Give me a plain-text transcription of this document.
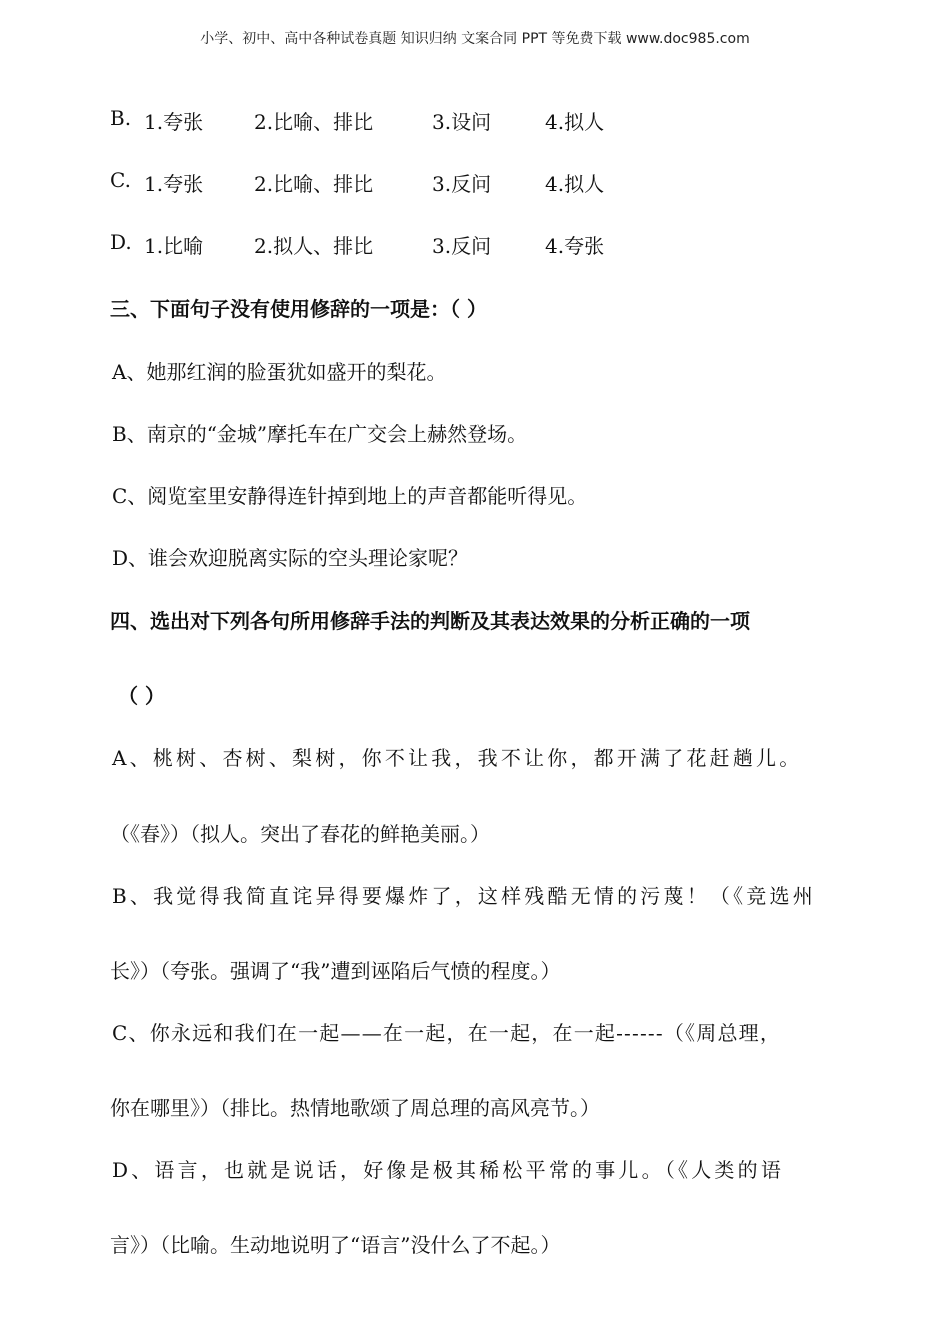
小学、初中、高中各种试卷真题 知识归纳 文案合同 PPT 等免费下载 www.doc985.com
B. 1.夸张	2.比喻、排比	3.设问	4.拟人
C. 1.夸张	2.比喻、排比	3.反问	4.拟人
D. 1.比喻	2.拟人、排比	3.反问	4.夸张
三、下面句子没有使用修辞的一项是：（ ）
A、她那红润的脸蛋犹如盛开的梨花。
B、南京的“金城”摩托车在广交会上赫然登场。
C、阅览室里安静得连针掉到地上的声音都能听得见。
D、谁会欢迎脱离实际的空头理论家呢？
四、选出对下列各句所用修辞手法的判断及其表达效果的分析正确的一项
（ ）
A、桃树、杏树、梨树，你不让我，我不让你，都开满了花赶趟儿。
（《春》）（拟人。突出了春花的鲜艳美丽。）
B、我觉得我简直诧异得要爆炸了，这样残酷无情的污蔑！（《竞选州
长》）（夸张。强调了“我”遭到诬陷后气愤的程度。）
C、你永远和我们在一起——在一起，在一起，在一起------（《周总理，
你在哪里》）（排比。热情地歌颂了周总理的高风亮节。）
D、语言，也就是说话，好像是极其稀松平常的事儿。（《人类的语
言》）（比喻。生动地说明了“语言”没什么了不起。）
